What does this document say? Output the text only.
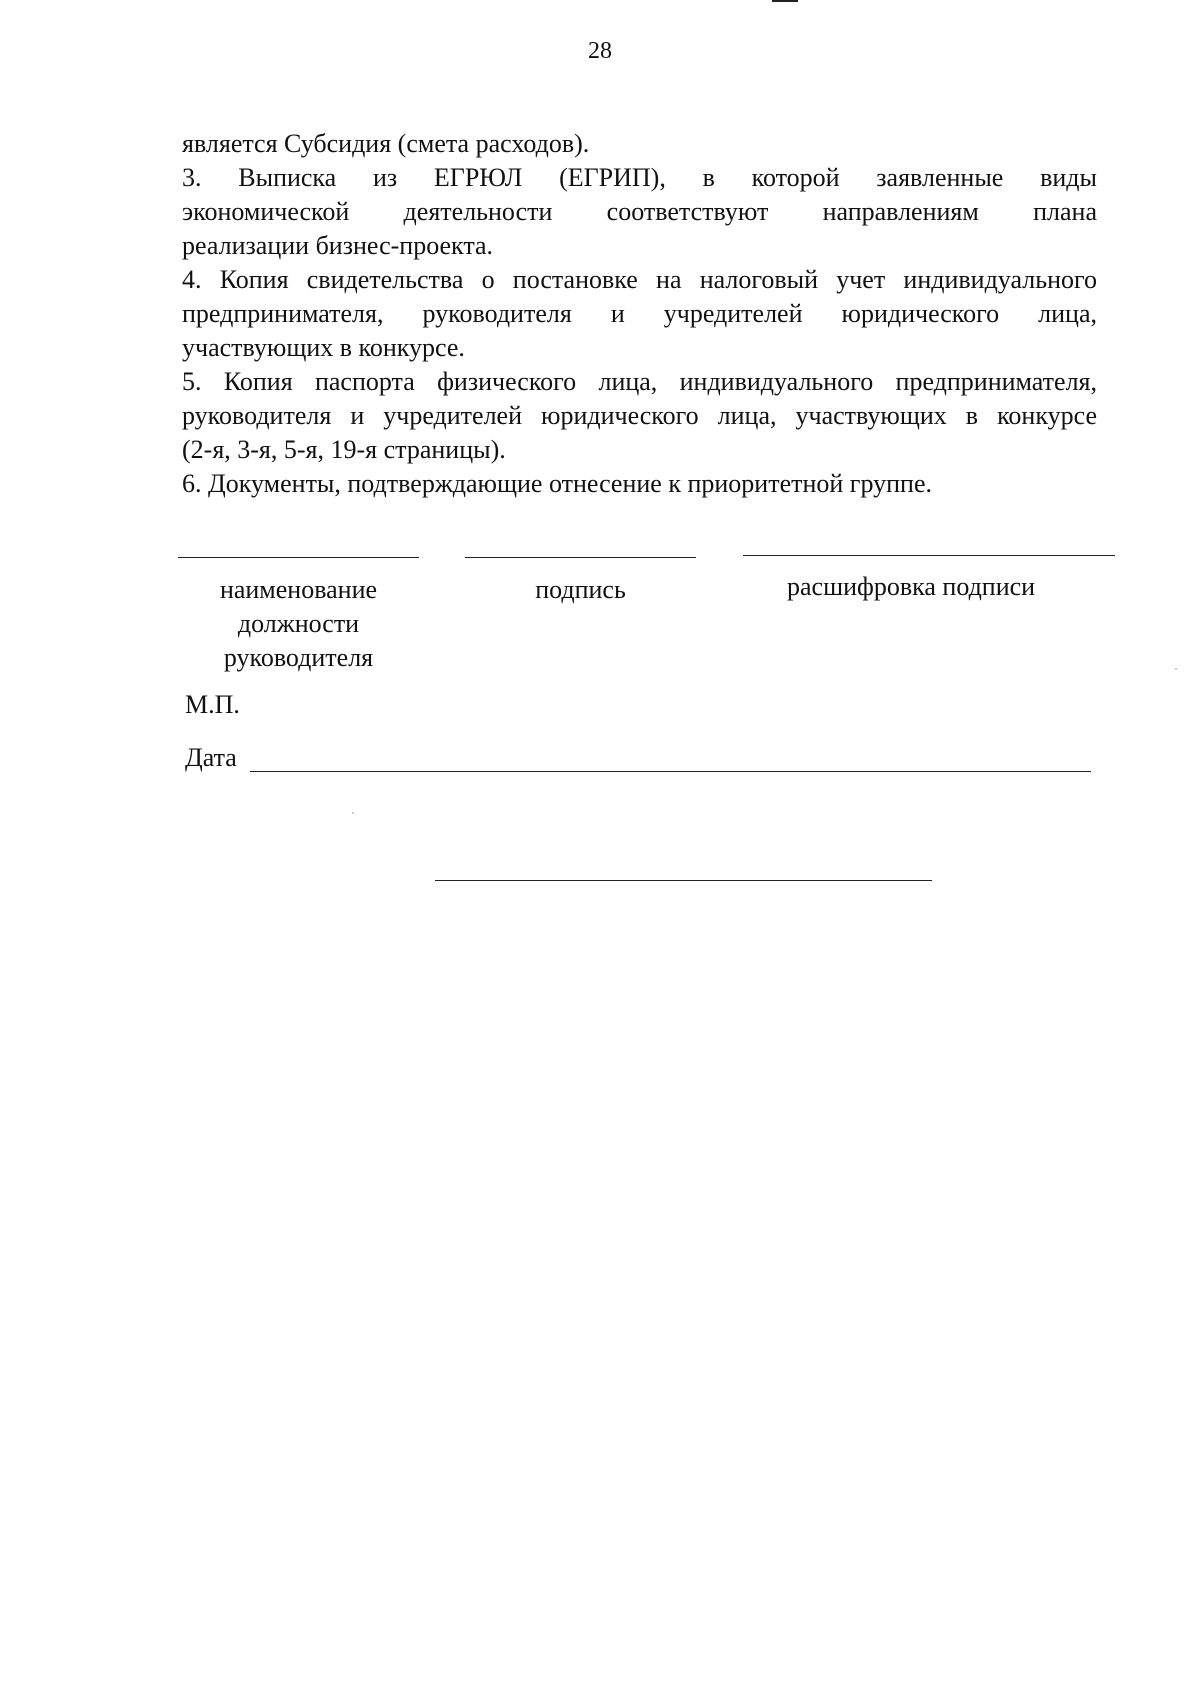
28
является Субсидия (смета расходов).
3. Выписка из ЕГРЮЛ (ЕГРИП), в которой заявленные виды
экономической деятельности соответствуют направлениям плана
реализации бизнес-проекта.
4. Копия свидетельства о постановке на налоговый учет индивидуального
предпринимателя, руководителя и учредителей юридического лица,
участвующих в конкурсе.
5. Копия паспорта физического лица, индивидуального предпринимателя,
руководителя и учредителей юридического лица, участвующих в конкурсе
(2-я, 3-я, 5-я, 19-я страницы).
6. Документы, подтверждающие отнесение к приоритетной группе.
наименование
должности
руководителя
подпись	расшифровка подписи
М.П.
Дата
